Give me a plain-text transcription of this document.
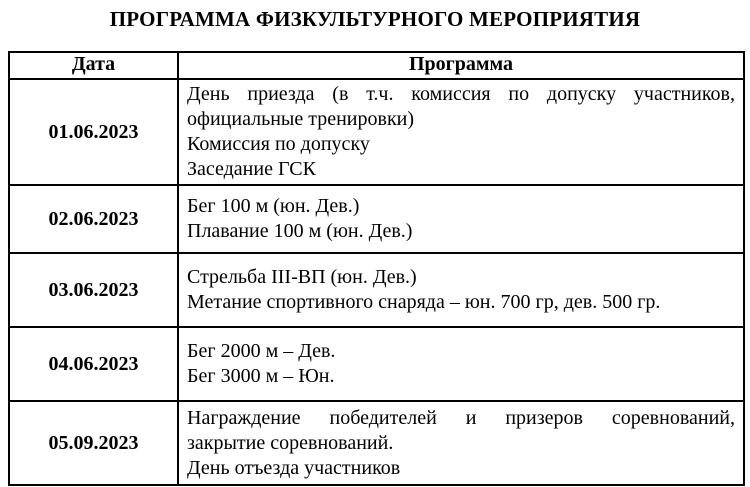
ПРОГРАММА ФИЗКУЛЬТУРНОГО МЕРОПРИЯТИЯ
Дата	Программа
01.06.2023	День приезда (в т.ч. комиссия по допуску участников,
официальные тренировки)
Комиссия по допуску
Заседание ГСК

02.06.2023	Бег 100 м (юн. Дев.)
Плавание 100 м (юн. Дев.)

03.06.2023	Стрельба III-ВП (юн. Дев.)
Метание спортивного снаряда – юн. 700 гр, дев. 500 гр.

04.06.2023	Бег 2000 м – Дев.
Бег 3000 м – Юн.

05.09.2023	Награждение победителей и призеров соревнований,
закрытие соревнований.
День отъезда участников
